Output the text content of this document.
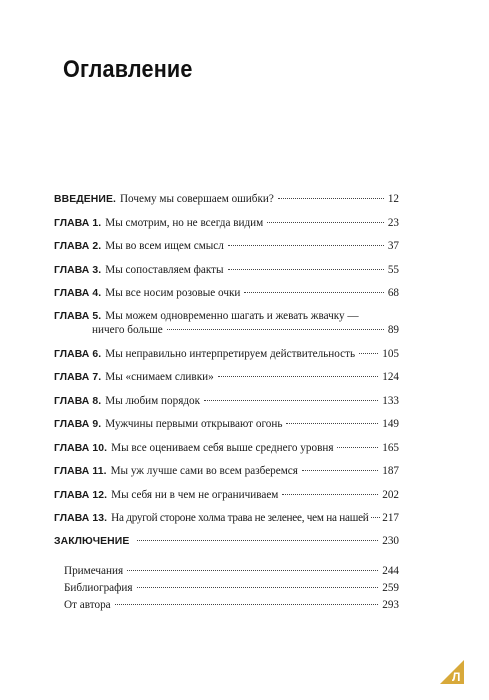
Оглавление
ВВЕДЕНИЕ. Почему мы совершаем ошибки?	12
ГЛАВА 1. Мы смотрим, но не всегда видим	23
ГЛАВА 2. Мы во всем ищем смысл	37
ГЛАВА 3. Мы сопоставляем факты	55
ГЛАВА 4. Мы все носим розовые очки	68
ГЛАВА 5. Мы можем одновременно шагать и жевать жвачку —
ничего больше	89
ГЛАВА 6. Мы неправильно интерпретируем действительность 105
ГЛАВА 7. Мы «снимаем сливки»	124
ГЛАВА 8. Мы любим порядок	133
ГЛАВА 9. Мужчины первыми открывают огонь	149
ГЛАВА 10. Мы все оцениваем себя выше среднего уровня	165
ГЛАВА 11. Мы уж лучше сами во всем разберемся	187
ГЛАВА 12. Мы себя ни в чем не ограничиваем	202
ГЛАВА 13. На другой стороне холма трава не зеленее, чем на нашей 217
ЗАКЛЮЧЕНИЕ	230
Примечания	244
Библиография	259
От автора	293
Л
